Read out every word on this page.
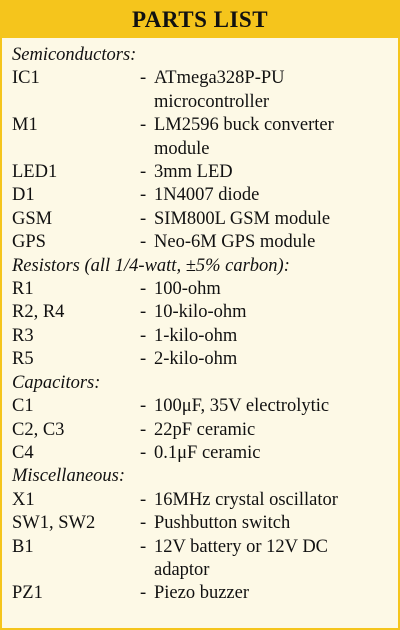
PARTS LIST
Semiconductors:
IC1	- ATmega328P-PU
microcontroller
M1	- LM2596 buck converter
module
LED1	- 3mm LED
D1	- 1N4007 diode
GSM	- SIM800L GSM module
GPS	- Neo-6M GPS module
Resistors (all 1/4-watt, ±5% carbon):
R1	- 100-ohm
R2, R4	- 10-kilo-ohm
R3	- 1-kilo-ohm
R5	- 2-kilo-ohm
Capacitors:
C1	- 100μF, 35V electrolytic
C2, C3	- 22pF ceramic
C4	- 0.1μF ceramic
Miscellaneous:
X1	- 16MHz crystal oscillator
SW1, SW2	- Pushbutton switch
B1	- 12V battery or 12V DC
adaptor
PZ1	- Piezo buzzer
